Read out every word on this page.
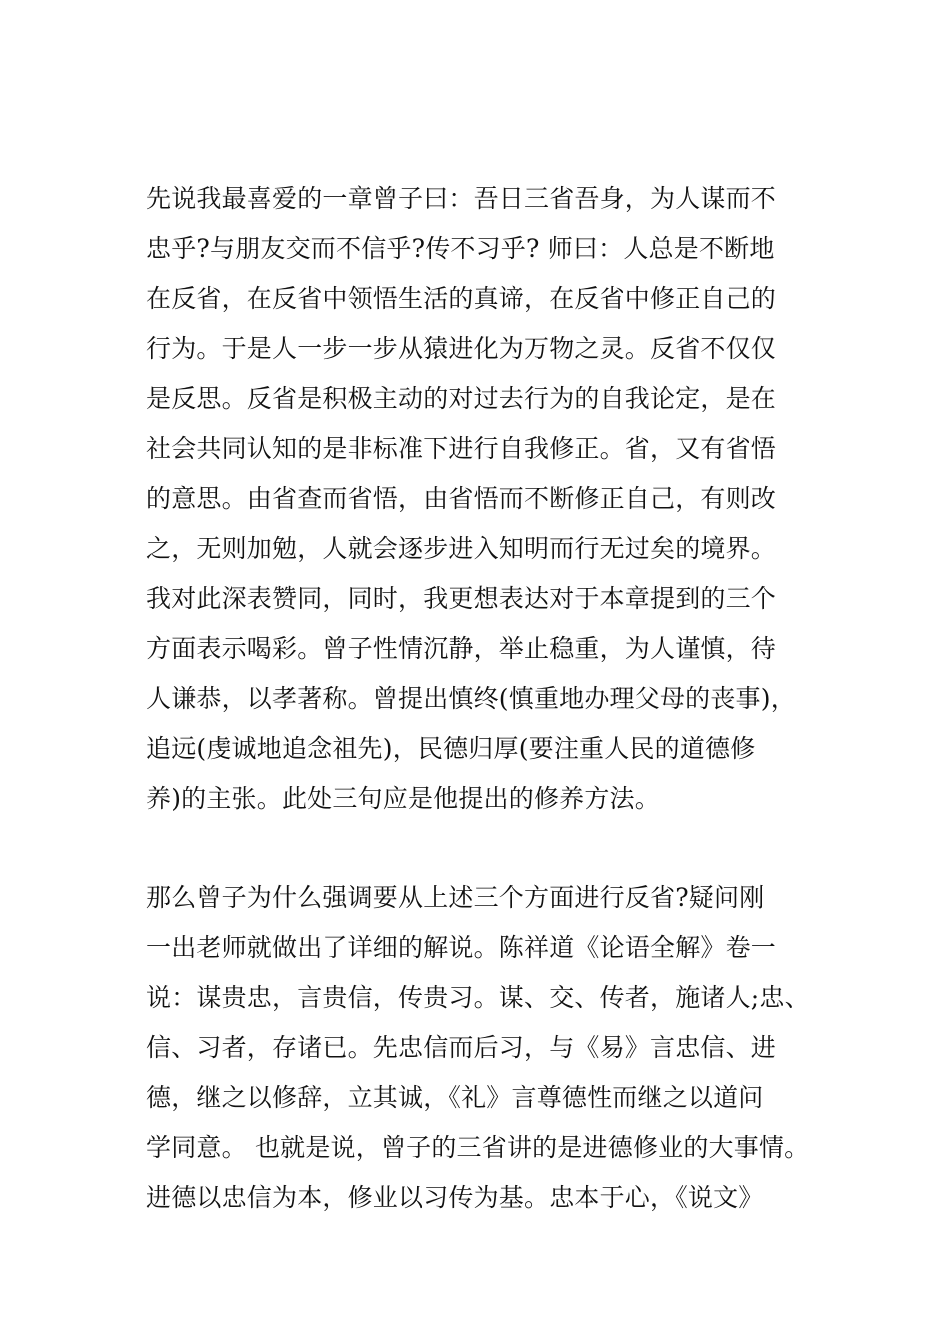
先说我最喜爱的一章曾子曰：吾日三省吾身，为人谋而不
忠乎?与朋友交而不信乎?传不习乎? 师曰：人总是不断地
在反省，在反省中领悟生活的真谛，在反省中修正自己的
行为。于是人一步一步从猿进化为万物之灵。反省不仅仅
是反思。反省是积极主动的对过去行为的自我论定，是在
社会共同认知的是非标准下进行自我修正。省，又有省悟
的意思。由省查而省悟，由省悟而不断修正自己，有则改
之，无则加勉，人就会逐步进入知明而行无过矣的境界。
我对此深表赞同，同时，我更想表达对于本章提到的三个
方面表示喝彩。曾子性情沉静，举止稳重，为人谨慎，待
人谦恭，以孝著称。曾提出慎终(慎重地办理父母的丧事)，
追远(虔诚地追念祖先)，民德归厚(要注重人民的道德修
养)的主张。此处三句应是他提出的修养方法。
那么曾子为什么强调要从上述三个方面进行反省?疑问刚
一出老师就做出了详细的解说。陈祥道《论语全解》卷一
说：谋贵忠，言贵信，传贵习。谋、交、传者，施诸人;忠、
信、习者，存诸已。先忠信而后习，与《易》言忠信、进
德，继之以修辞，立其诚，《礼》言尊德性而继之以道问
学同意。 也就是说，曾子的三省讲的是进德修业的大事情。
进德以忠信为本，修业以习传为基。忠本于心，《说文》
